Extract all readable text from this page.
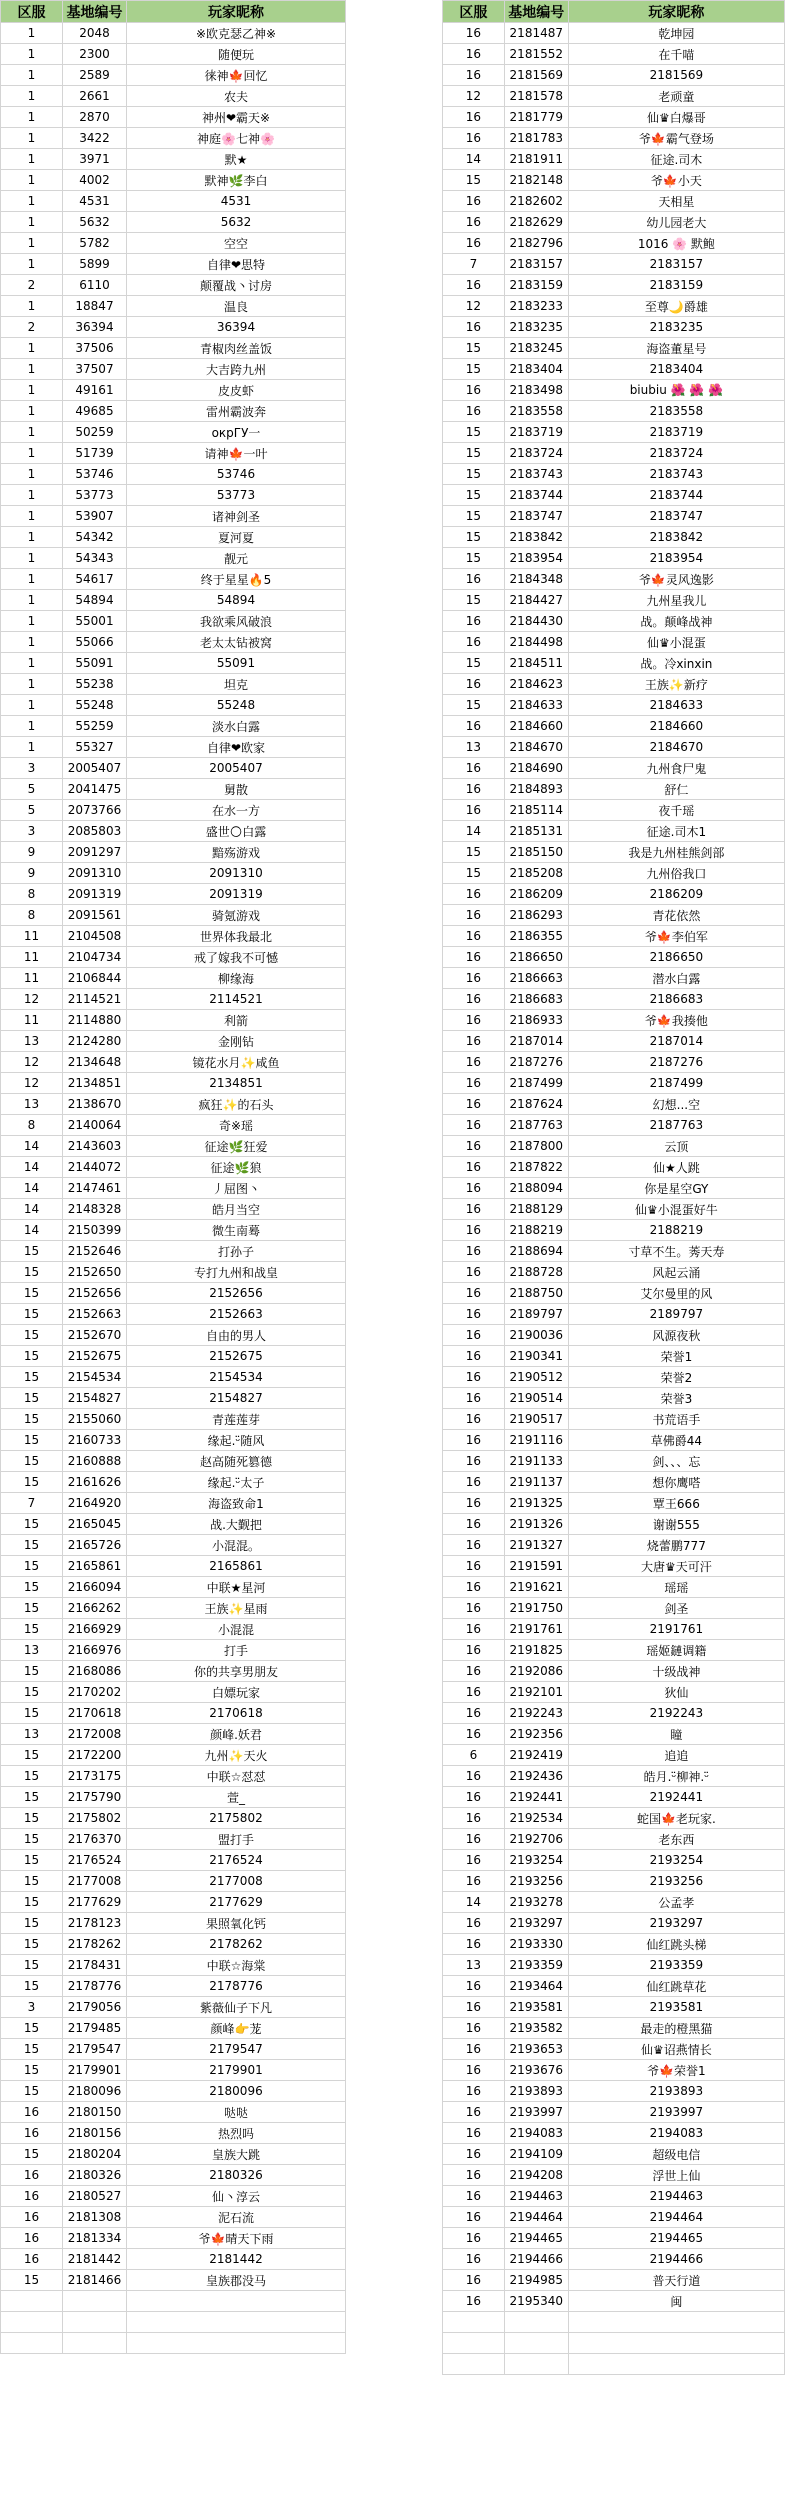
区服	基地编号	玩家昵称
1	2048	※欧克瑟乙神※
1	2300	随便玩
1	2589	徕神🍁回忆
1	2661	农夫
1	2870	神州❤霸天※
1	3422	神庭🌸七神🌸
1	3971	默★
1	4002	默神🌿李白
1	4531	4531
1	5632	5632
1	5782	空空
1	5899	自律❤思特
2	6110	颠覆战丶讨房
1	18847	温良
2	36394	36394
1	37506	青椒肉丝盖饭
1	37507	大吉跨九州
1	49161	皮皮虾
1	49685	雷州霸波奔
1	50259	окрГУ一
1	51739	请神🍁一叶
1	53746	53746
1	53773	53773
1	53907	诸神剑圣
1	54342	夏河夏
1	54343	靓元
1	54617	终于星星🔥5
1	54894	54894
1	55001	我欲乘风破浪
1	55066	老太太钻被窝
1	55091	55091
1	55238	坦克
1	55248	55248
1	55259	淡水白露
1	55327	自律❤欧家
3	2005407	2005407
5	2041475	舅散
5	2073766	在水一方
3	2085803	盛世🌕白露
9	2091297	黯殇游戏
9	2091310	2091310
8	2091319	2091319
8	2091561	骑氪游戏
11	2104508	世界体我最北
11	2104734	戒了嫁我不可憾
11	2106844	柳缘海
12	2114521	2114521
11	2114880	利箭
13	2124280	金刚钻
12	2134648	镜花水月✨咸鱼
12	2134851	2134851
13	2138670	疯狂✨的石头
8	2140064	奇※瑶
14	2143603	征途🌿狂爱
14	2144072	征途🌿狼
14	2147461	丿屈图丶
14	2148328	皓月当空
14	2150399	微生南蓦
15	2152646	打孙子
15	2152650	专打九州和战皇
15	2152656	2152656
15	2152663	2152663
15	2152670	自由的男人
15	2152675	2152675
15	2154534	2154534
15	2154827	2154827
15	2155060	青莲莲芽
15	2160733	缘起.ᵕ̈随风
15	2160888	赵高随死篡德
15	2161626	缘起.ᵕ̈太子
7	2164920	海盗致命1
15	2165045	战.大觐把
15	2165726	小混混。
15	2165861	2165861
15	2166094	中联★星河
15	2166262	王族✨星雨
15	2166929	小混混
13	2166976	打手
15	2168086	你的共享男朋友
15	2170202	白嫖玩家
15	2170618	2170618
13	2172008	颜峰.妖君
15	2172200	九州✨天火
15	2173175	中联☆怼怼
15	2175790	萱_
15	2175802	2175802
15	2176370	盟打手
15	2176524	2176524
15	2177008	2177008
15	2177629	2177629
15	2178123	果照氧化钙
15	2178262	2178262
15	2178431	中联☆海棠
15	2178776	2178776
3	2179056	紫薇仙子下凡
15	2179485	颜峰👉茏
15	2179547	2179547
15	2179901	2179901
15	2180096	2180096
16	2180150	哒哒
16	2180156	热烈吗
15	2180204	皇族大跳
16	2180326	2180326
16	2180527	仙丶淳云
16	2181308	泥石流
16	2181334	爷🍁晴天下雨
16	2181442	2181442
15	2181466	皇族郡没马

区服	基地编号	玩家昵称
16	2181487	乾坤园
16	2181552	在千喵
16	2181569	2181569
12	2181578	老顽童
16	2181779	仙♛白爆哥
16	2181783	爷🍁霸气登场
14	2181911	征途.司木
15	2182148	爷🍁小天
16	2182602	天相星
16	2182629	幼儿园老大
16	2182796	1016 🌸 默鲍
7	2183157	2183157
16	2183159	2183159
12	2183233	至尊🌙爵雄
16	2183235	2183235
15	2183245	海盗董星号
15	2183404	2183404
16	2183498	biubiu 🌺 🌺 🌺
16	2183558	2183558
15	2183719	2183719
15	2183724	2183724
15	2183743	2183743
15	2183744	2183744
15	2183747	2183747
15	2183842	2183842
15	2183954	2183954
16	2184348	爷🍁灵风逸影
15	2184427	九州星我儿
16	2184430	战。颠峰战神
16	2184498	仙♛小混蛋
15	2184511	战。冷xinxin
16	2184623	王族✨新疗
15	2184633	2184633
16	2184660	2184660
13	2184670	2184670
16	2184690	九州食尸鬼
16	2184893	舒仁
16	2185114	夜千瑶
14	2185131	征途.司木1
15	2185150	我是九州桂熊剑部
15	2185208	九州俗我口
16	2186209	2186209
16	2186293	青花依然
16	2186355	爷🍁李伯军
16	2186650	2186650
16	2186663	潜水白露
16	2186683	2186683
16	2186933	爷🍁我揍他
16	2187014	2187014
16	2187276	2187276
16	2187499	2187499
16	2187624	幻想...空
16	2187763	2187763
16	2187800	云顶
16	2187822	仙★人跳
16	2188094	你是星空GY
16	2188129	仙♛小混蛋好牛
16	2188219	2188219
16	2188694	寸草不生。莠天寿
16	2188728	风起云涌
16	2188750	艾尔曼里的风
16	2189797	2189797
16	2190036	风源夜秋
16	2190341	荣誉1
16	2190512	荣誉2
16	2190514	荣誉3
16	2190517	书荒语手
16	2191116	草佛爵44
16	2191133	剑、、、忘
16	2191137	想你鹰嗒
16	2191325	覃王666
16	2191326	谢谢555
16	2191327	烧蕾鹏777
16	2191591	大唐♛天可汗
16	2191621	瑶瑶
16	2191750	剑圣
16	2191761	2191761
16	2191825	瑶姬鏈调籍
16	2192086	十级战神
16	2192101	狄仙
16	2192243	2192243
16	2192356	瞳
6	2192419	追追
16	2192436	皓月.ᵕ̈柳神.ᵕ̈
16	2192441	2192441
16	2192534	蛇国🍁老玩家.
16	2192706	老东西
16	2193254	2193254
16	2193256	2193256
14	2193278	公孟孝
16	2193297	2193297
16	2193330	仙红跳头梯
13	2193359	2193359
16	2193464	仙红跳草花
16	2193581	2193581
16	2193582	最走的橙黑猫
16	2193653	仙♛诏燕情长
16	2193676	爷🍁荣誉1
16	2193893	2193893
16	2193997	2193997
16	2194083	2194083
16	2194109	超级电信
16	2194208	浮世上仙
16	2194463	2194463
16	2194464	2194464
16	2194465	2194465
16	2194466	2194466
16	2194985	普天行道
16	2195340	闽
